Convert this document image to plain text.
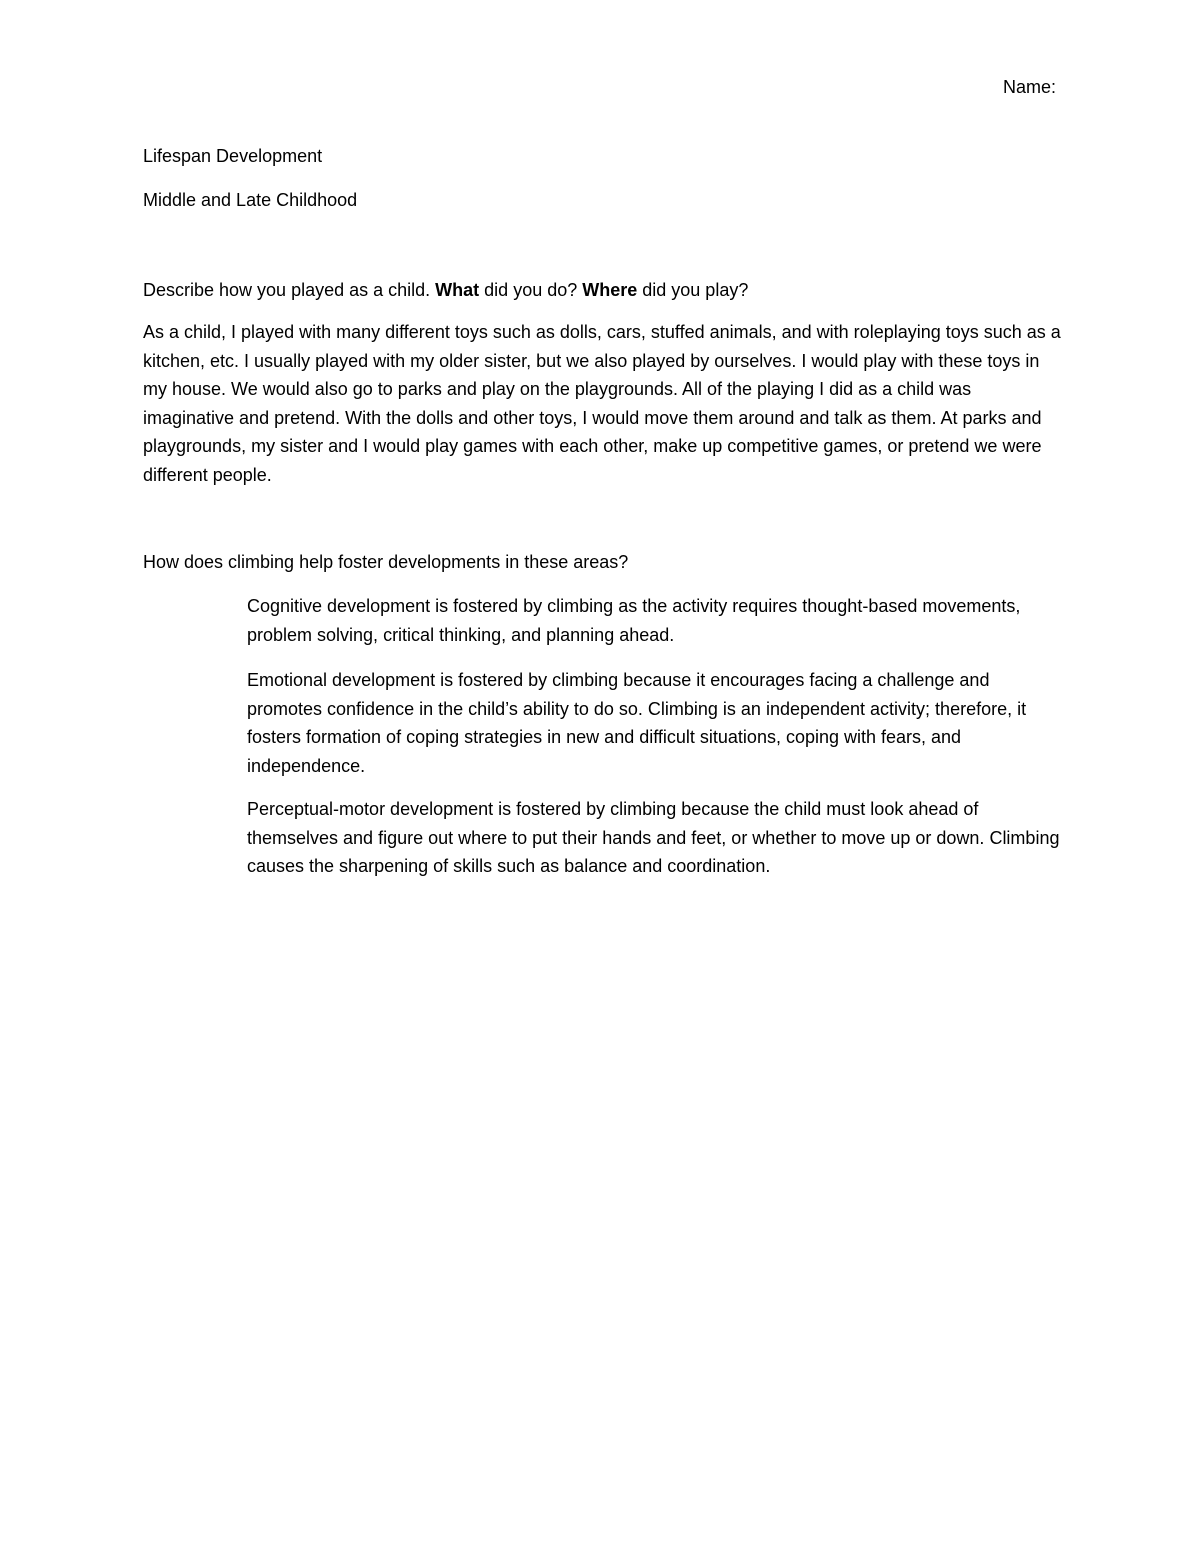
Name:
Lifespan Development
Middle and Late Childhood
Describe how you played as a child. What did you do? Where did you play?
As a child, I played with many different toys such as dolls, cars, stuffed animals, and with roleplaying toys such as a kitchen, etc. I usually played with my older sister, but we also played by ourselves. I would play with these toys in my house. We would also go to parks and play on the playgrounds. All of the playing I did as a child was imaginative and pretend. With the dolls and other toys, I would move them around and talk as them. At parks and playgrounds, my sister and I would play games with each other, make up competitive games, or pretend we were different people.
How does climbing help foster developments in these areas?
Cognitive development is fostered by climbing as the activity requires thought-based movements, problem solving, critical thinking, and planning ahead.
Emotional development is fostered by climbing because it encourages facing a challenge and promotes confidence in the child’s ability to do so. Climbing is an independent activity; therefore, it fosters formation of coping strategies in new and difficult situations, coping with fears, and independence.
Perceptual-motor development is fostered by climbing because the child must look ahead of themselves and figure out where to put their hands and feet, or whether to move up or down. Climbing causes the sharpening of skills such as balance and coordination.
